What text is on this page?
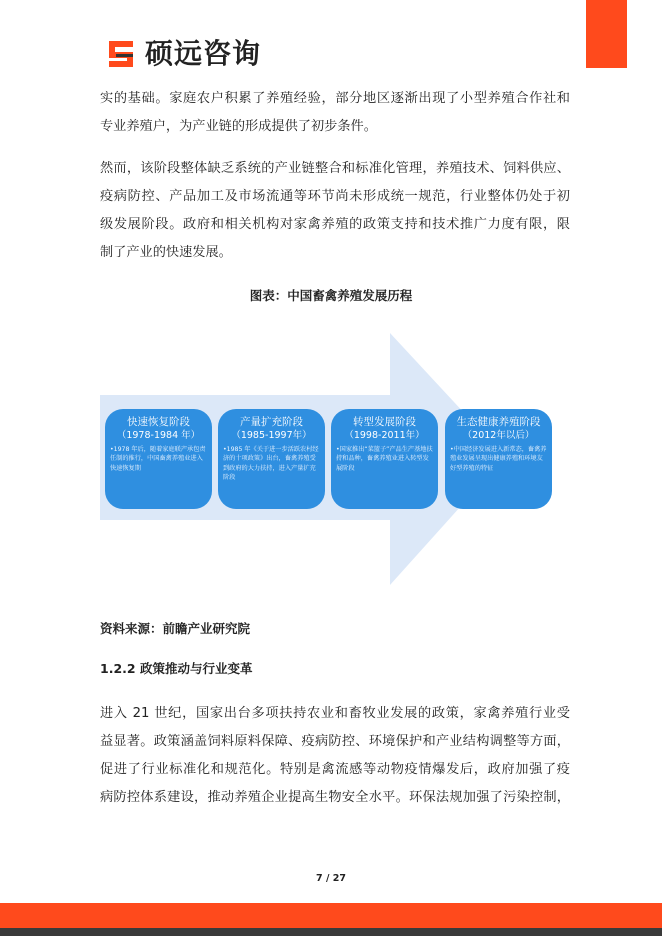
硕远咨询

实的基础。家庭农户积累了养殖经验，部分地区逐渐出现了小型养殖合作社和
专业养殖户，为产业链的形成提供了初步条件。

然而，该阶段整体缺乏系统的产业链整合和标准化管理，养殖技术、饲料供应、
疫病防控、产品加工及市场流通等环节尚未形成统一规范，行业整体仍处于初
级发展阶段。政府和相关机构对家禽养殖的政策支持和技术推广力度有限，限
制了产业的快速发展。

图表：中国畜禽养殖发展历程

快速恢复阶段
（1978-1984 年）
•1978 年后，随着家庭联产承包责任制的推行，中国畜禽养殖业进入快速恢复期
产量扩充阶段
（1985-1997年）
•1985 年《关于进一步活跃农村经济的十项政策》出台，畜禽养殖受到政府的大力扶持，进入产量扩充阶段
转型发展阶段
（1998-2011年）
•国家推出“菜篮子”产品生产基地扶持和品种，畜禽养殖业进入转型发展阶段
生态健康养殖阶段
（2012年以后）
•中国经济发展进入新常态，畜禽养殖业发展呈现出健康养殖和环境友好型养殖的特征

资料来源：前瞻产业研究院

1.2.2 政策推动与行业变革

进入 21 世纪，国家出台多项扶持农业和畜牧业发展的政策，家禽养殖行业受
益显著。政策涵盖饲料原料保障、疫病防控、环境保护和产业结构调整等方面，
促进了行业标准化和规范化。特别是禽流感等动物疫情爆发后，政府加强了疫
病防控体系建设，推动养殖企业提高生物安全水平。环保法规加强了污染控制，

7 / 27
